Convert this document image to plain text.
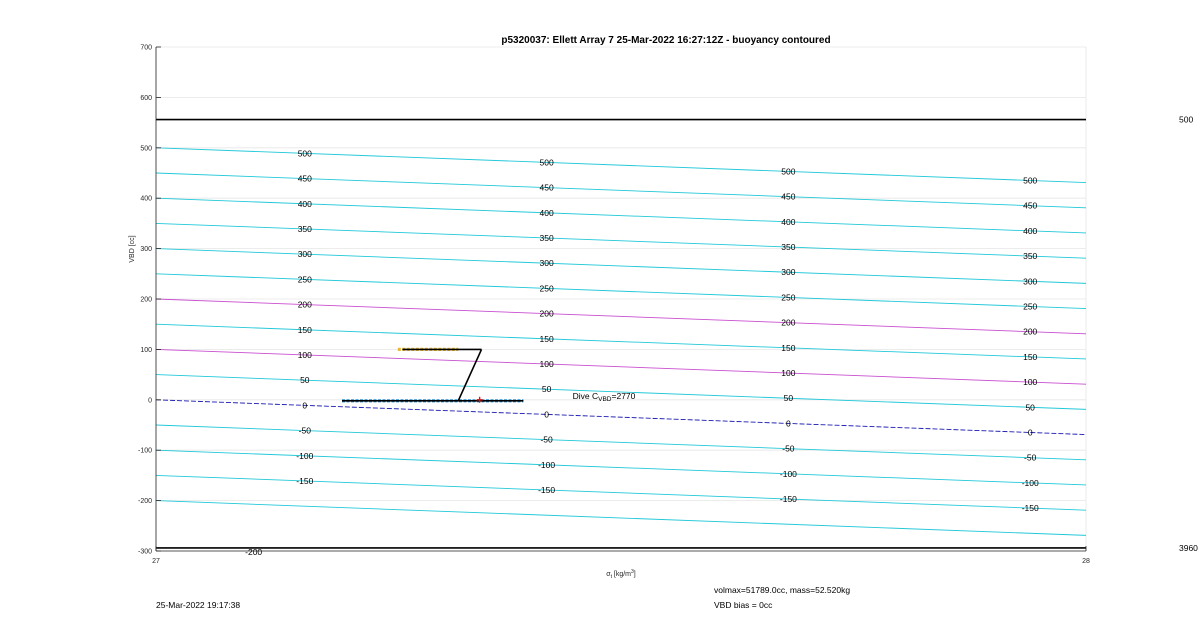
p5320037: Ellett Array 7 25-Mar-2022 16:27:12Z - buoyancy contoured
500
450
400
350
300
250
200
150
100
50
0
-50
-100
-150
500
450
400
350
300
250
200
150
100
50
0
-50
-100
-150
500
450
400
350
300
250
200
150
100
50
0
-50
-100
-150
500
450
400
350
300
250
200
150
100
50
0
-50
-100
-150
-200
500
3960
700
600
500
400
300
200
100
0
-100
-200
-300
27	28
VBD [cc]
$\sigma_t$ $[kg/m^3]$
Dive $C_{VBD}=2770$
25-Mar-2022 19:17:38
volmax=51789.0cc, mass=52.520kg
VBD bias = 0cc
